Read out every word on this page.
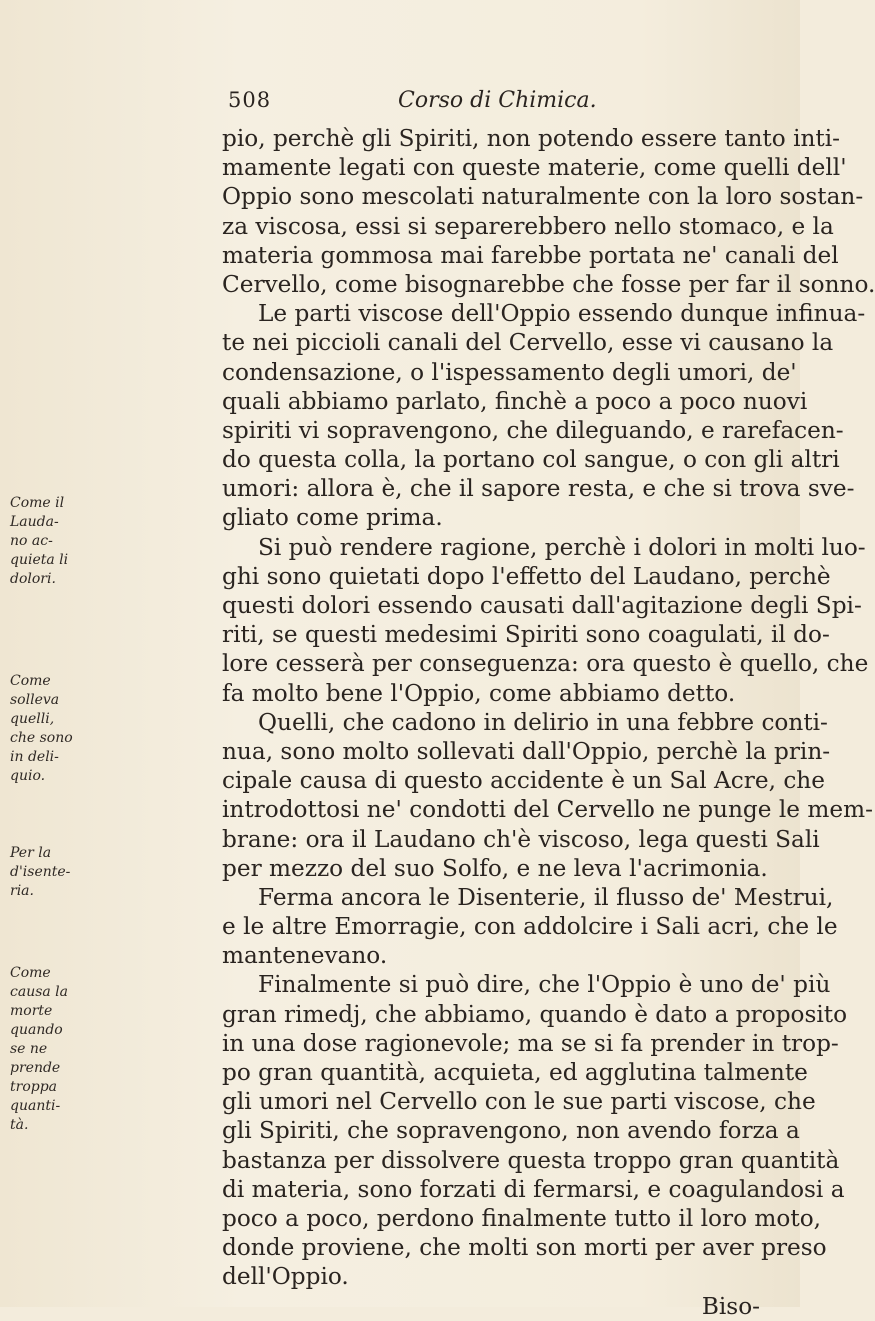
508	Corso di Chimica.
pio, perchè gli Spiriti, non potendo essere tanto inti-
mamente legati con queste materie, come quelli dell'
Oppio sono mescolati naturalmente con la loro sostan-
za viscosa, essi si separerebbero nello stomaco, e la
materia gommosa mai farebbe portata ne' canali del
Cervello, come bisognarebbe che fosse per far il sonno.
Le parti viscose dell'Oppio essendo dunque infinua-
te nei piccioli canali del Cervello, esse vi causano la
condensazione, o l'ispessamento degli umori, de'
quali abbiamo parlato, finchè a poco a poco nuovi
spiriti vi sopravengono, che dileguando, e rarefacen-
do questa colla, la portano col sangue, o con gli altri
umori: allora è, che il sapore resta, e che si trova sve-
gliato come prima.
Si può rendere ragione, perchè i dolori in molti luo-
ghi sono quietati dopo l'effetto del Laudano, perchè
questi dolori essendo causati dall'agitazione degli Spi-
riti, se questi medesimi Spiriti sono coagulati, il do-
lore cesserà per conseguenza: ora questo è quello, che
fa molto bene l'Oppio, come abbiamo detto.
Quelli, che cadono in delirio in una febbre conti-
nua, sono molto sollevati dall'Oppio, perchè la prin-
cipale causa di questo accidente è un Sal Acre, che
introdottosi ne' condotti del Cervello ne punge le mem-
brane: ora il Laudano ch'è viscoso, lega questi Sali
per mezzo del suo Solfo, e ne leva l'acrimonia.
Ferma ancora le Disenterie, il flusso de' Mestrui,
e le altre Emorragie, con addolcire i Sali acri, che le
mantenevano.
Finalmente si può dire, che l'Oppio è uno de' più
gran rimedj, che abbiamo, quando è dato a proposito
in una dose ragionevole; ma se si fa prender in trop-
po gran quantità, acquieta, ed agglutina talmente
gli umori nel Cervello con le sue parti viscose, che
gli Spiriti, che sopravengono, non avendo forza a
bastanza per dissolvere questa troppo gran quantità
di materia, sono forzati di fermarsi, e coagulandosi a
poco a poco, perdono finalmente tutto il loro moto,
donde proviene, che molti son morti per aver preso
dell'Oppio.
Biso-
Come il
Lauda-
no ac-
quieta li
dolori.
Come
solleva
quelli,
che sono
in deli-
quio.
Per la
d'isente-
ria.
Come
causa la
morte
quando
se ne
prende
troppa
quanti-
tà.
